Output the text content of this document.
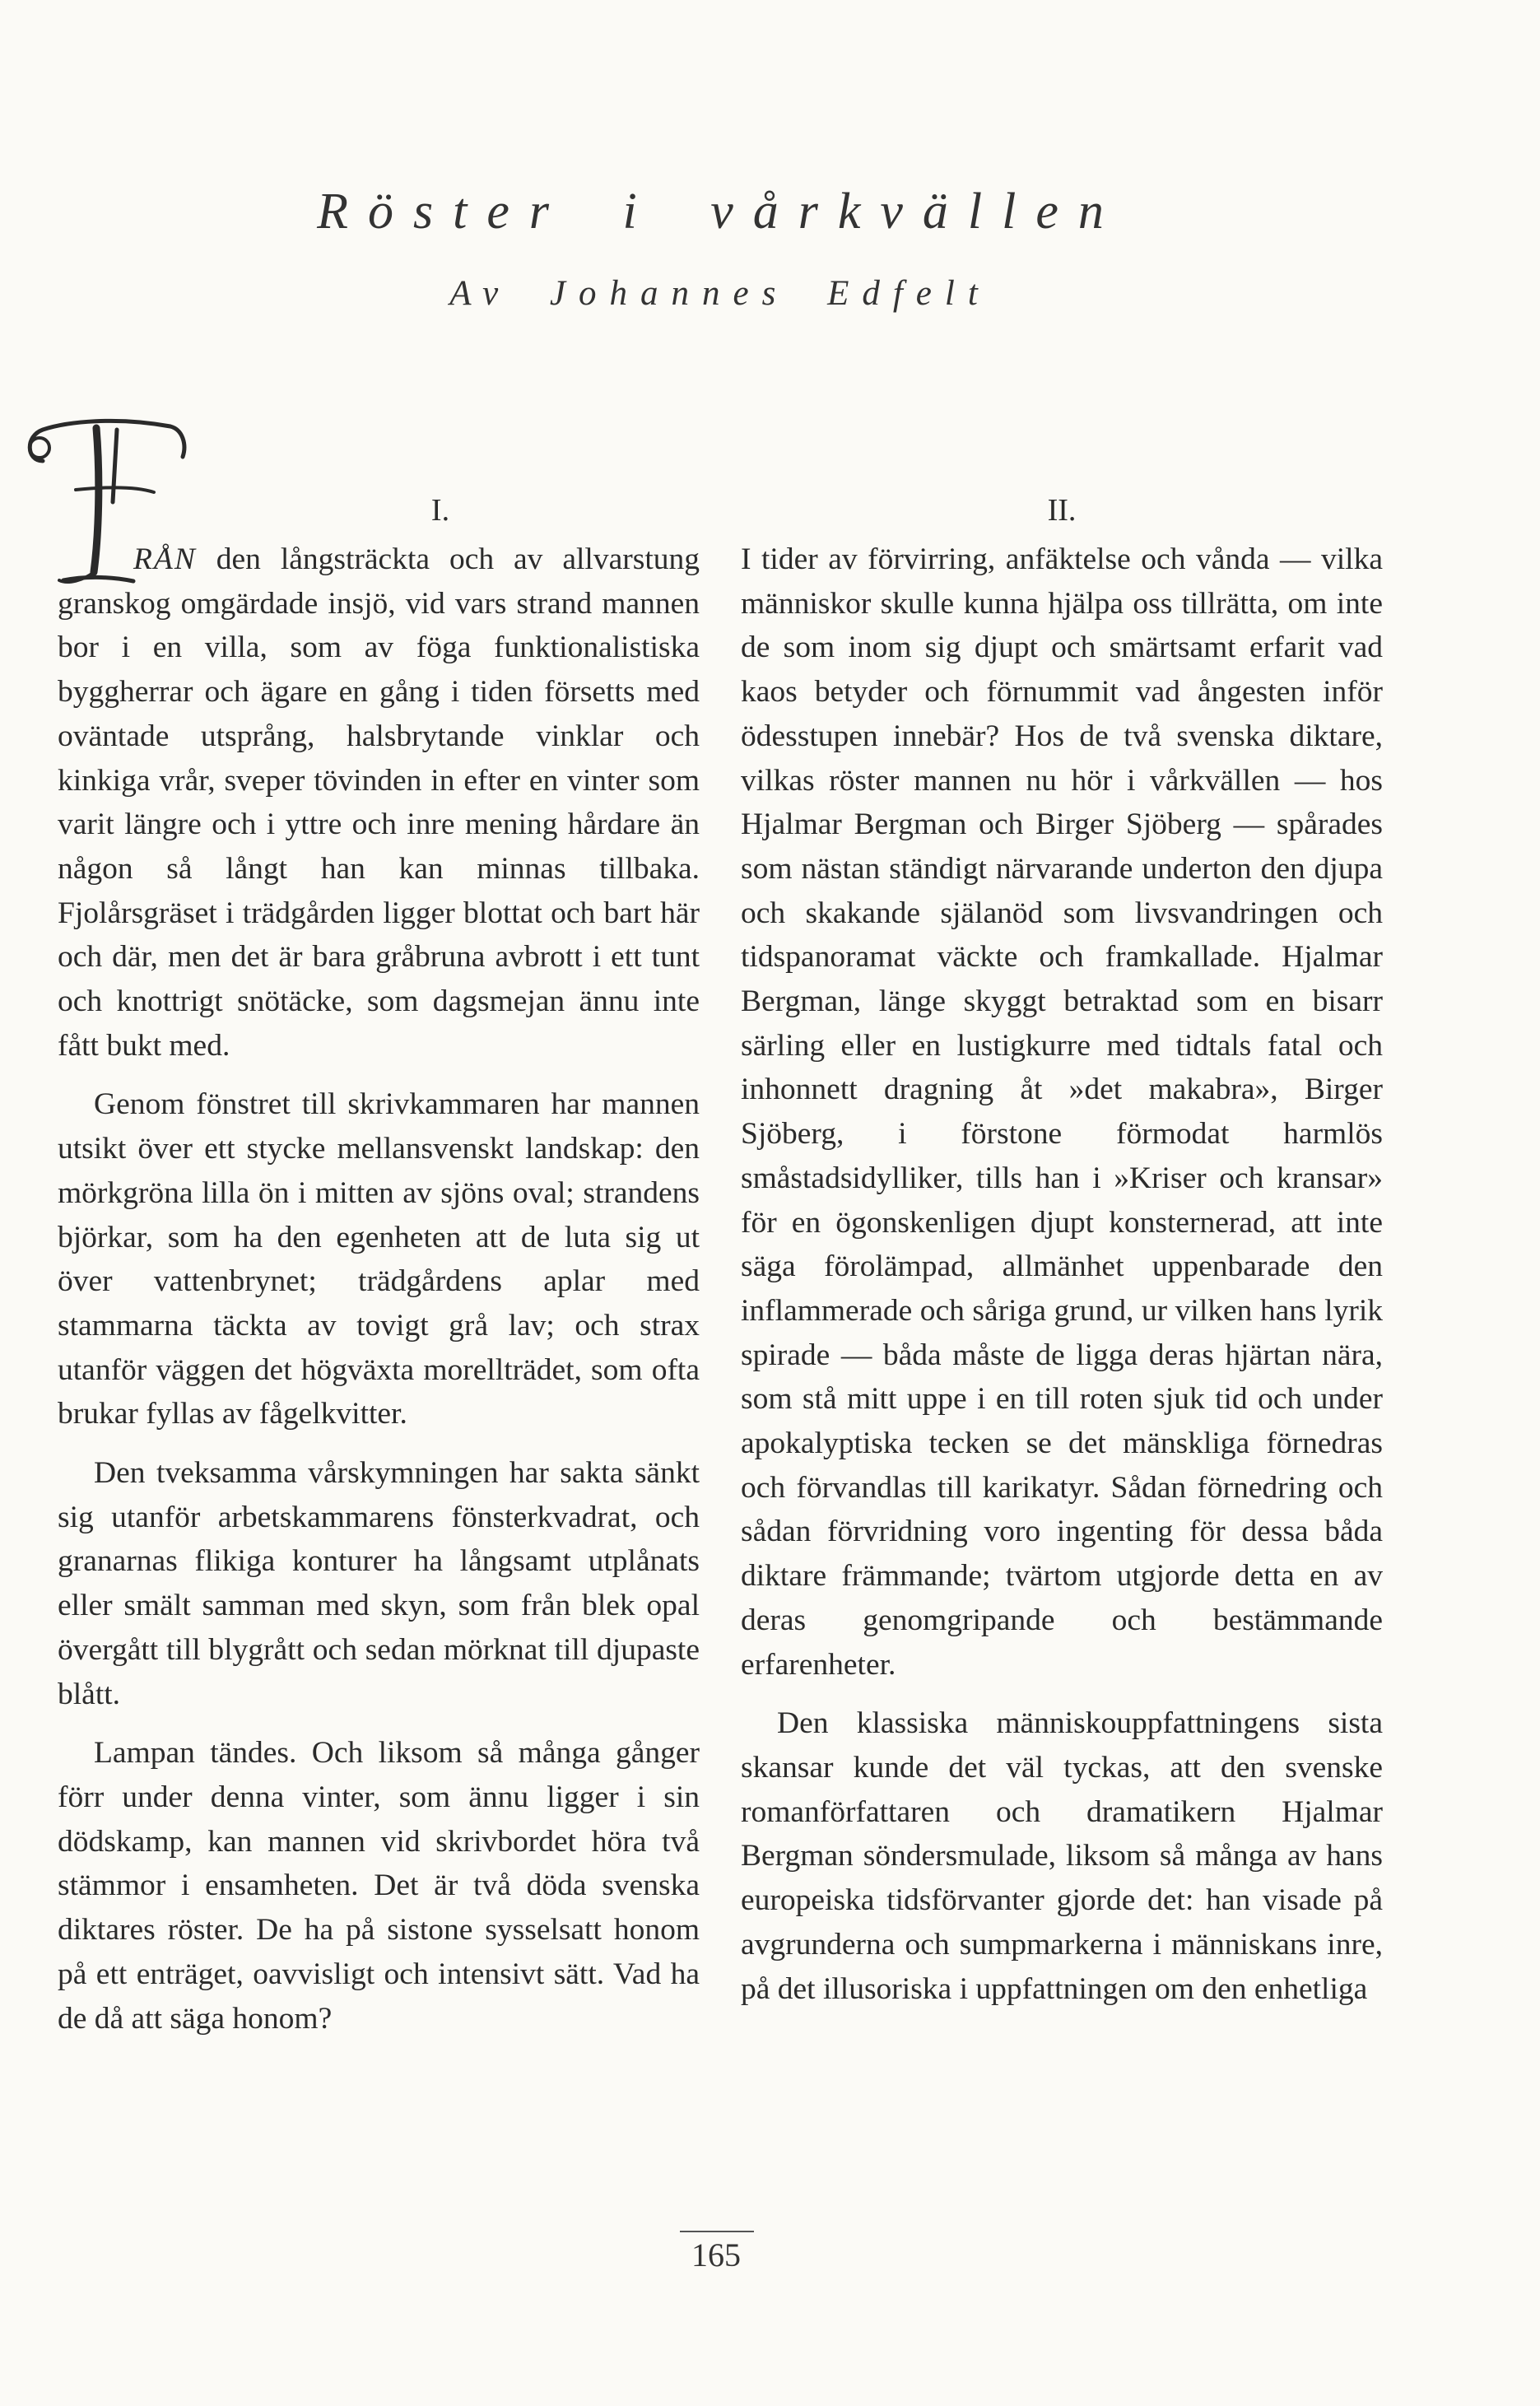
Röster i vårkvällen
Av Johannes Edfelt
I.

RÅN den långsträckta och av allvarstung granskog omgärdade insjö, vid vars strand mannen bor i en villa, som av föga funktionalistiska byggherrar och ägare en gång i tiden försetts med oväntade utsprång, halsbrytande vinklar och kinkiga vrår, sveper tövinden in efter en vinter som varit längre och i yttre och inre mening hårdare än någon så långt han kan minnas tillbaka. Fjolårsgräset i trädgården ligger blottat och bart här och där, men det är bara gråbruna avbrott i ett tunt och knottrigt snötäcke, som dagsmejan ännu inte fått bukt med.

Genom fönstret till skrivkammaren har mannen utsikt över ett stycke mellansvenskt landskap: den mörkgröna lilla ön i mitten av sjöns oval; strandens björkar, som ha den egenheten att de luta sig ut över vattenbrynet; trädgårdens aplar med stammarna täckta av tovigt grå lav; och strax utanför väggen det högväxta morellträdet, som ofta brukar fyllas av fågelkvitter.

Den tveksamma vårskymningen har sakta sänkt sig utanför arbetskammarens fönsterkvadrat, och granarnas flikiga konturer ha långsamt utplånats eller smält samman med skyn, som från blek opal övergått till blygrått och sedan mörknat till djupaste blått.

Lampan tändes. Och liksom så många gånger förr under denna vinter, som ännu ligger i sin dödskamp, kan mannen vid skrivbordet höra två stämmor i ensamheten. Det är två döda svenska diktares röster. De ha på sistone sysselsatt honom på ett enträget, oavvisligt och intensivt sätt. Vad ha de då att säga honom?

II.

I tider av förvirring, anfäktelse och vånda — vilka människor skulle kunna hjälpa oss tillrätta, om inte de som inom sig djupt och smärtsamt erfarit vad kaos betyder och förnummit vad ångesten inför ödesstupen innebär? Hos de två svenska diktare, vilkas röster mannen nu hör i vårkvällen — hos Hjalmar Bergman och Birger Sjöberg — spårades som nästan ständigt närvarande underton den djupa och skakande själanöd som livsvandringen och tidspanoramat väckte och framkallade. Hjalmar Bergman, länge skyggt betraktad som en bisarr särling eller en lustigkurre med tidtals fatal och inhonnett dragning åt »det makabra», Birger Sjöberg, i förstone förmodat harmlös småstadsidylliker, tills han i »Kriser och kransar» för en ögonskenligen djupt konsternerad, att inte säga förolämpad, allmänhet uppenbarade den inflammerade och såriga grund, ur vilken hans lyrik spirade — båda måste de ligga deras hjärtan nära, som stå mitt uppe i en till roten sjuk tid och under apokalyptiska tecken se det mänskliga förnedras och förvandlas till karikatyr. Sådan förnedring och sådan förvridning voro ingenting för dessa båda diktare främmande; tvärtom utgjorde detta en av deras genomgripande och bestämmande erfarenheter.

Den klassiska människouppfattningens sista skansar kunde det väl tyckas, att den svenske romanförfattaren och dramatikern Hjalmar Bergman söndersmulade, liksom så många av hans europeiska tidsförvanter gjorde det: han visade på avgrunderna och sumpmarkerna i människans inre, på det illusoriska i uppfattningen om den enhetliga

165
